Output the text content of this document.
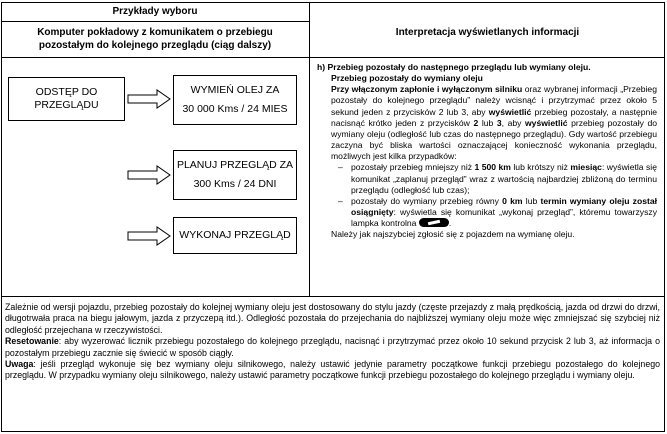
Przykłady wyboru
Komputer pokładowy z komunikatem o przebiegu pozostałym do kolejnego przeglądu (ciąg dalszy)
Interpretacja wyświetlanych informacji
ODSTĘP DO PRZEGLĄDU
WYMIEŃ OLEJ ZA
30 000 Kms / 24 MIES
PLANUJ PRZEGLĄD ZA
300 Kms / 24 DNI
WYKONAJ PRZEGLĄD

h) Przebieg pozostały do następnego przeglądu lub wymiany oleju.

Przebieg pozostały do wymiany oleju

Przy włączonym zapłonie i wyłączonym silniku oraz wybranej informacji „Przebieg pozostały do kolejnego przeglądu” należy wcisnąć i przytrzymać przez około 5 sekund jeden z przycisków 2 lub 3, aby wyświetlić przebieg pozostały, a następnie nacisnąć krótko jeden z przycisków 2 lub 3, aby wyświetlić przebieg pozostały do wymiany oleju (odległość lub czas do następnego przeglądu). Gdy wartość przebiegu zaczyna być bliska wartości oznaczającej konieczność wykonania przeglądu, możliwych jest kilka przypadków:

– pozostały przebieg mniejszy niż 1 500 km lub krótszy niż miesiąc: wyświetla się komunikat „zaplanuj przegląd” wraz z wartością najbardziej zbliżoną do terminu przeglądu (odległość lub czas);
– pozostały do wymiany przebieg równy 0 km lub termin wymiany oleju został osiągnięty: wyświetla się komunikat „wykonaj przegląd”, któremu towarzyszy lampka kontrolna	.

Należy jak najszybciej zgłosić się z pojazdem na wymianę oleju.

Zależnie od wersji pojazdu, przebieg pozostały do kolejnej wymiany oleju jest dostosowany do stylu jazdy (częste przejazdy z małą prędkością, jazda od drzwi do drzwi, długotrwała praca na biegu jałowym, jazda z przyczepą itd.). Odległość pozostała do przejechania do najbliższej wymiany oleju może więc zmniejszać się szybciej niż odległość przejechana w rzeczywistości.

Resetowanie: aby wyzerować licznik przebiegu pozostałego do kolejnego przeglądu, nacisnąć i przytrzymać przez około 10 sekund przycisk 2 lub 3, aż informacja o pozostałym przebiegu zacznie się świecić w sposób ciągły.

Uwaga: jeśli przegląd wykonuje się bez wymiany oleju silnikowego, należy ustawić jedynie parametry początkowe funkcji przebiegu pozostałego do kolejnego przeglądu. W przypadku wymiany oleju silnikowego, należy ustawić parametry początkowe funkcji przebiegu pozostałego do kolejnego przeglądu i wymiany oleju.
